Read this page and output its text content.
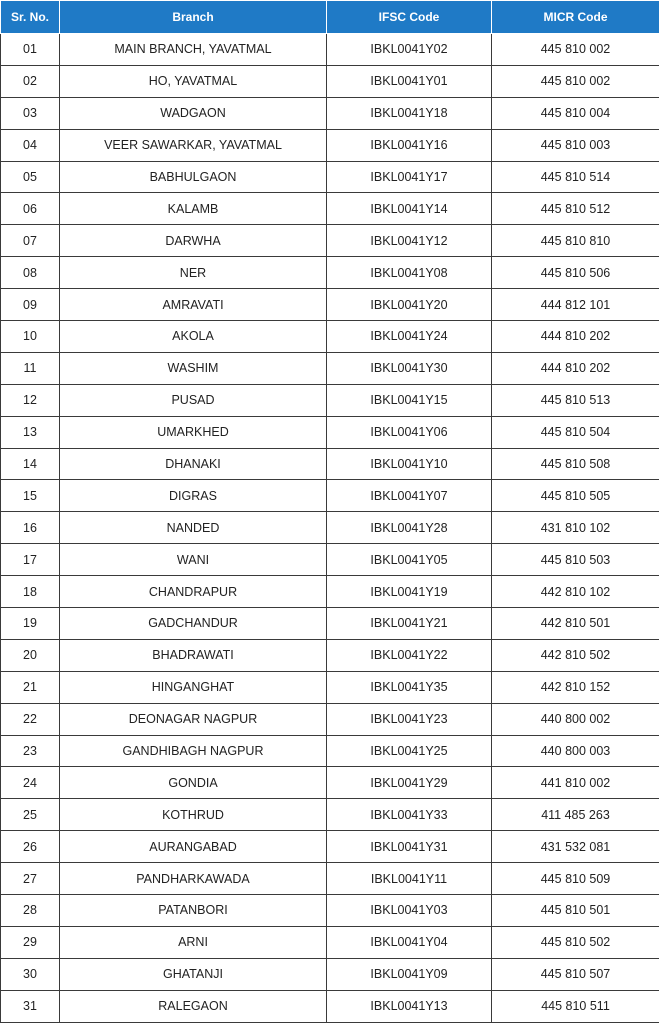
Sr. No.	Branch	IFSC Code	MICR Code
01	MAIN BRANCH, YAVATMAL	IBKL0041Y02	445 810 002
02	HO, YAVATMAL	IBKL0041Y01	445 810 002
03	WADGAON	IBKL0041Y18	445 810 004
04	VEER SAWARKAR, YAVATMAL	IBKL0041Y16	445 810 003
05	BABHULGAON	IBKL0041Y17	445 810 514
06	KALAMB	IBKL0041Y14	445 810 512
07	DARWHA	IBKL0041Y12	445 810 810
08	NER	IBKL0041Y08	445 810 506
09	AMRAVATI	IBKL0041Y20	444 812 101
10	AKOLA	IBKL0041Y24	444 810 202
11	WASHIM	IBKL0041Y30	444 810 202
12	PUSAD	IBKL0041Y15	445 810 513
13	UMARKHED	IBKL0041Y06	445 810 504
14	DHANAKI	IBKL0041Y10	445 810 508
15	DIGRAS	IBKL0041Y07	445 810 505
16	NANDED	IBKL0041Y28	431 810 102
17	WANI	IBKL0041Y05	445 810 503
18	CHANDRAPUR	IBKL0041Y19	442 810 102
19	GADCHANDUR	IBKL0041Y21	442 810 501
20	BHADRAWATI	IBKL0041Y22	442 810 502
21	HINGANGHAT	IBKL0041Y35	442 810 152
22	DEONAGAR NAGPUR	IBKL0041Y23	440 800 002
23	GANDHIBAGH NAGPUR	IBKL0041Y25	440 800 003
24	GONDIA	IBKL0041Y29	441 810 002
25	KOTHRUD	IBKL0041Y33	411 485 263
26	AURANGABAD	IBKL0041Y31	431 532 081
27	PANDHARKAWADA	IBKL0041Y11	445 810 509
28	PATANBORI	IBKL0041Y03	445 810 501
29	ARNI	IBKL0041Y04	445 810 502
30	GHATANJI	IBKL0041Y09	445 810 507
31	RALEGAON	IBKL0041Y13	445 810 511
